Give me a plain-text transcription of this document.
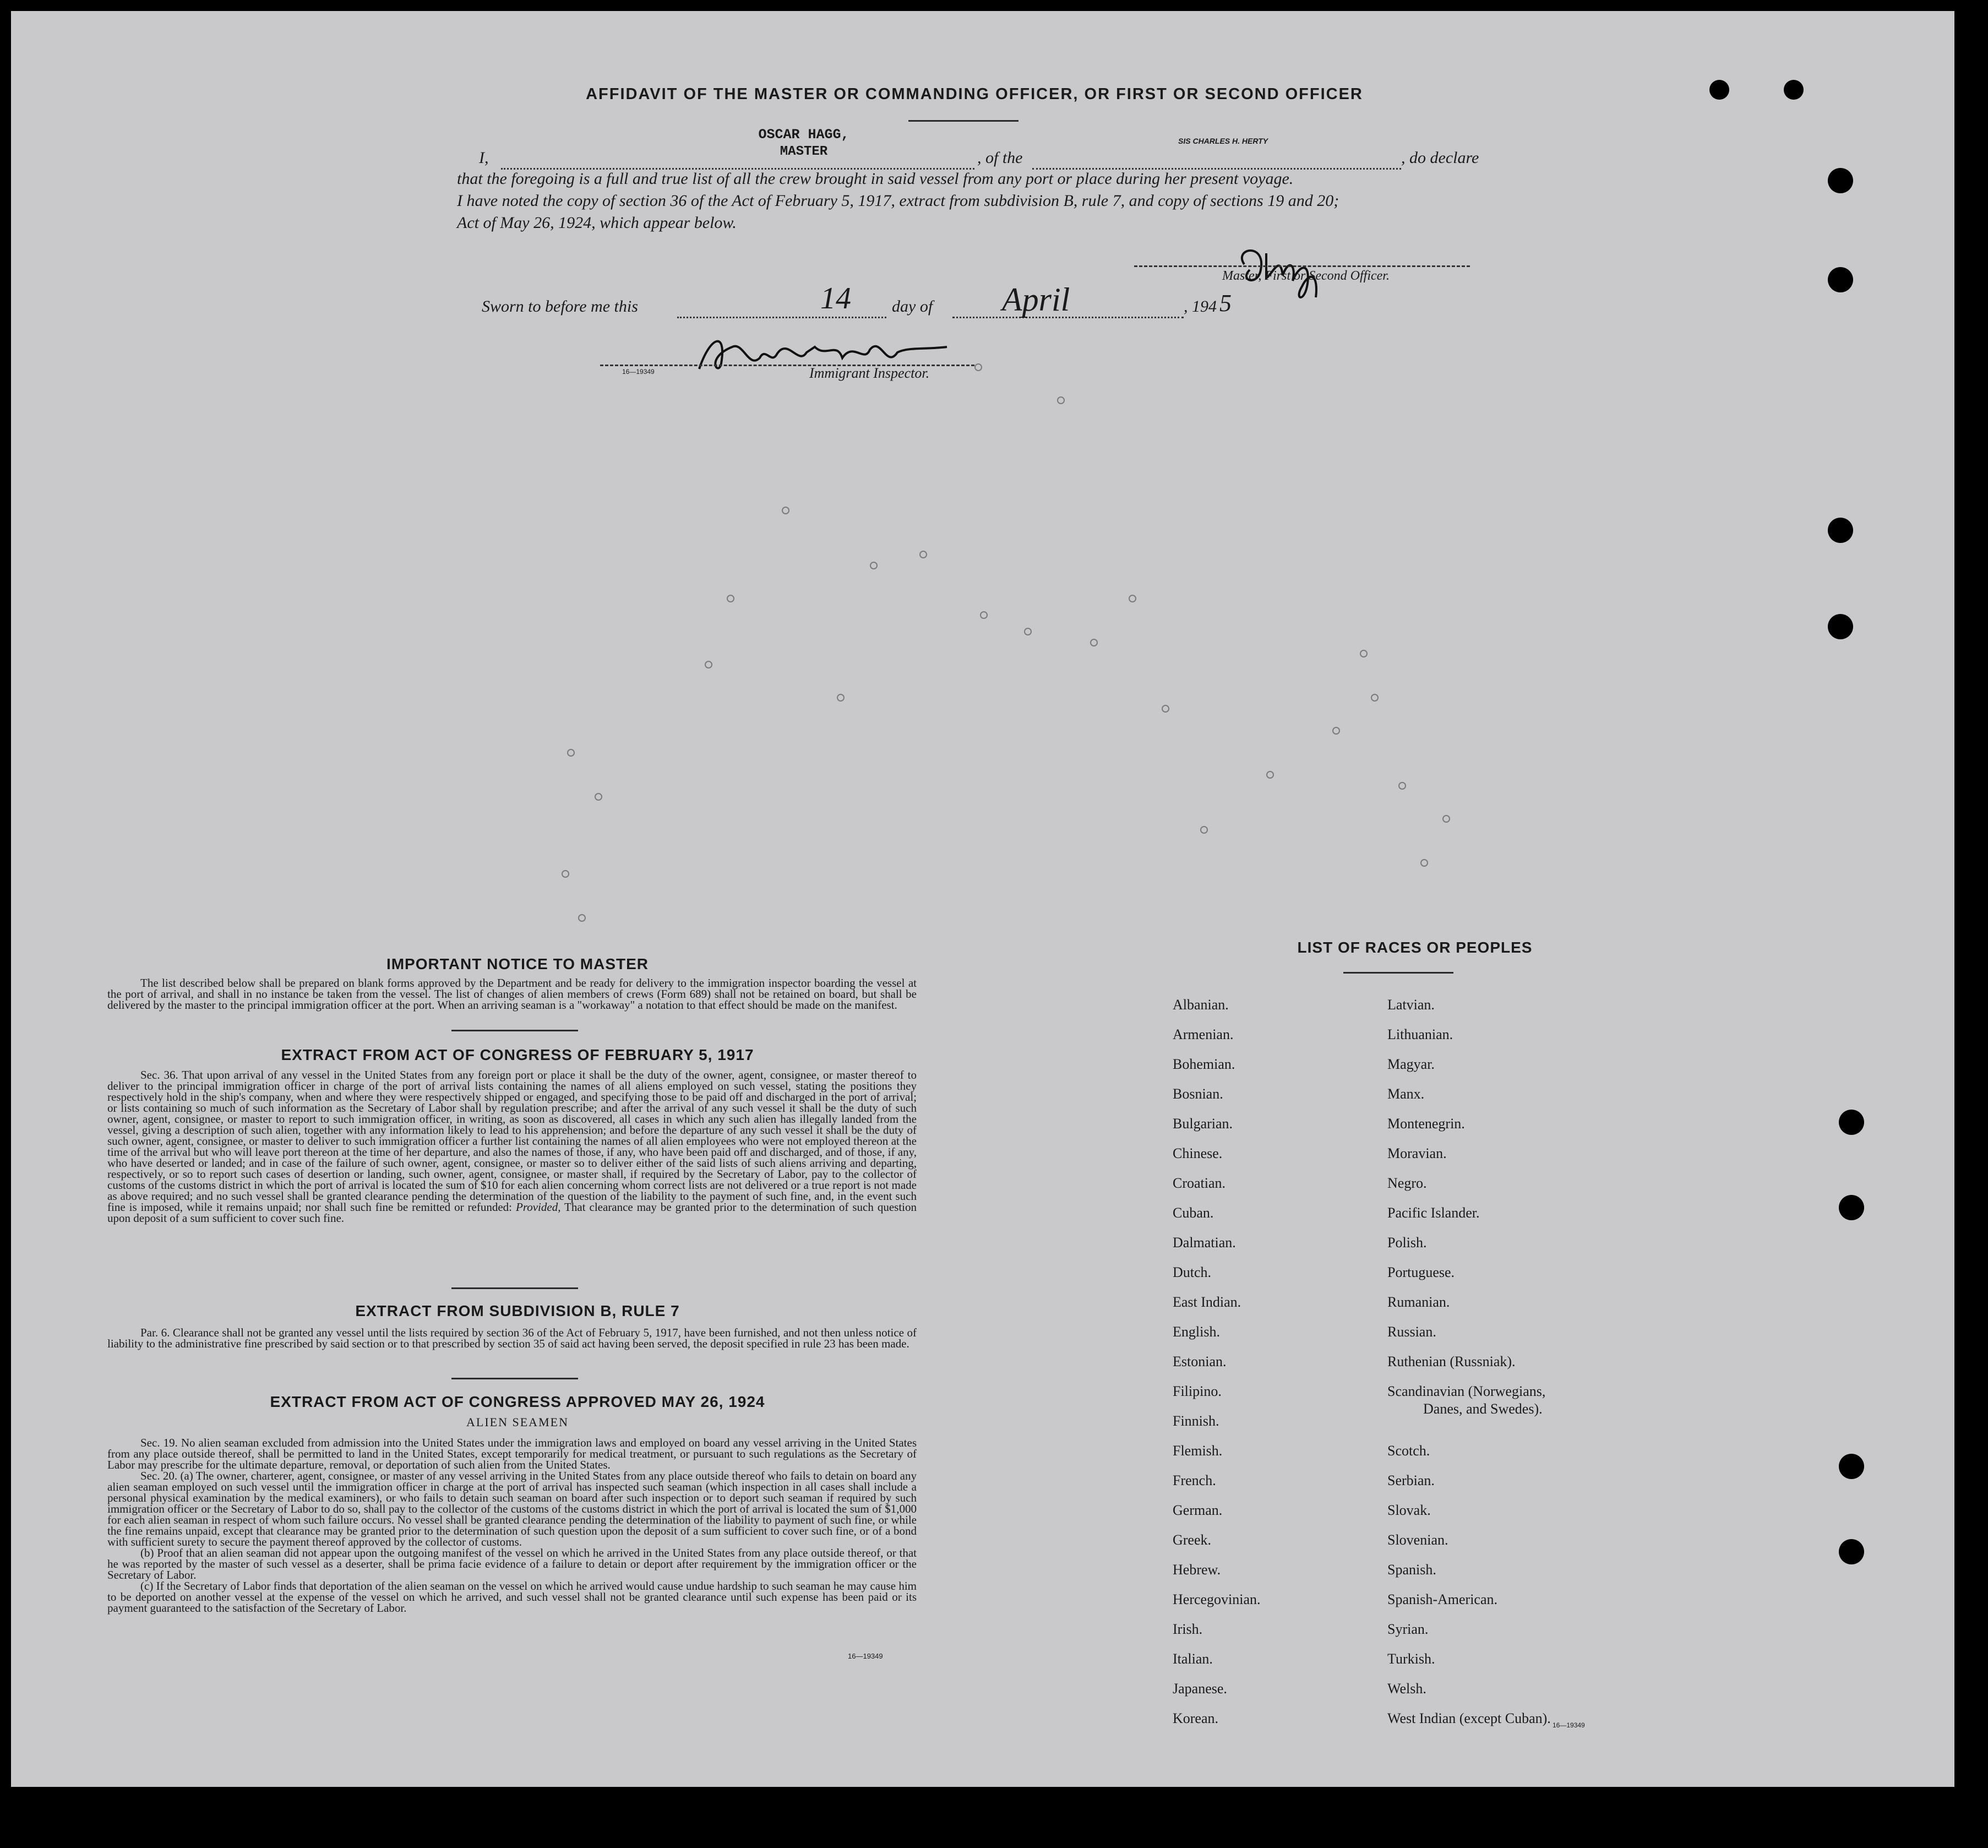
AFFIDAVIT OF THE MASTER OR COMMANDING OFFICER, OR FIRST OR SECOND OFFICER
OSCAR HAGG,
MASTER
SIS CHARLES H. HERTY
I,	, of the	, do declare
that the foregoing is a full and true list of all the crew brought in said vessel from any port or place during her present voyage.
I have noted the copy of section 36 of the Act of February 5, 1917, extract from subdivision B, rule 7, and copy of sections 19 and 20;
Act of May 26, 1924, which appear below.
Master, First or Second Officer.
Sworn to before me this	14 day of April	, 194 5
16—19349	Immigrant Inspector.
IMPORTANT NOTICE TO MASTER
The list described below shall be prepared on blank forms approved by the Department and be ready for delivery to the immigration inspector boarding the vessel at the port of arrival, and shall in no instance be taken from the vessel. The list of changes of alien members of crews (Form 689) shall not be retained on board, but shall be delivered by the master to the principal immigration officer at the port. When an arriving seaman is a "workaway" a notation to that effect should be made on the manifest.
EXTRACT FROM ACT OF CONGRESS OF FEBRUARY 5, 1917
Sec. 36. That upon arrival of any vessel in the United States from any foreign port or place it shall be the duty of the owner, agent, consignee, or master thereof to deliver to the principal immigration officer in charge of the port of arrival lists containing the names of all aliens employed on such vessel, stating the positions they respectively hold in the ship's company, when and where they were respectively shipped or engaged, and specifying those to be paid off and discharged in the port of arrival; or lists containing so much of such information as the Secretary of Labor shall by regulation prescribe; and after the arrival of any such vessel it shall be the duty of such owner, agent, consignee, or master to report to such immigration officer, in writing, as soon as discovered, all cases in which any such alien has illegally landed from the vessel, giving a description of such alien, together with any information likely to lead to his apprehension; and before the departure of any such vessel it shall be the duty of such owner, agent, consignee, or master to deliver to such immigration officer a further list containing the names of all alien employees who were not employed thereon at the time of the arrival but who will leave port thereon at the time of her departure, and also the names of those, if any, who have been paid off and discharged, and of those, if any, who have deserted or landed; and in case of the failure of such owner, agent, consignee, or master so to deliver either of the said lists of such aliens arriving and departing, respectively, or so to report such cases of desertion or landing, such owner, agent, consignee, or master shall, if required by the Secretary of Labor, pay to the collector of customs of the customs district in which the port of arrival is located the sum of $10 for each alien concerning whom correct lists are not delivered or a true report is not made as above required; and no such vessel shall be granted clearance pending the determination of the question of the liability to the payment of such fine, and, in the event such fine is imposed, while it remains unpaid; nor shall such fine be remitted or refunded: Provided, That clearance may be granted prior to the determination of such question upon deposit of a sum sufficient to cover such fine.
EXTRACT FROM SUBDIVISION B, RULE 7
Par. 6. Clearance shall not be granted any vessel until the lists required by section 36 of the Act of February 5, 1917, have been furnished, and not then unless notice of liability to the administrative fine prescribed by said section or to that prescribed by section 35 of said act having been served, the deposit specified in rule 23 has been made.
EXTRACT FROM ACT OF CONGRESS APPROVED MAY 26, 1924
ALIEN SEAMEN
Sec. 19. No alien seaman excluded from admission into the United States under the immigration laws and employed on board any vessel arriving in the United States from any place outside thereof, shall be permitted to land in the United States, except temporarily for medical treatment, or pursuant to such regulations as the Secretary of Labor may prescribe for the ultimate departure, removal, or deportation of such alien from the United States.
Sec. 20. (a) The owner, charterer, agent, consignee, or master of any vessel arriving in the United States from any place outside thereof who fails to detain on board any alien seaman employed on such vessel until the immigration officer in charge at the port of arrival has inspected such seaman (which inspection in all cases shall include a personal physical examination by the medical examiners), or who fails to detain such seaman on board after such inspection or to deport such seaman if required by such immigration officer or the Secretary of Labor to do so, shall pay to the collector of the customs of the customs district in which the port of arrival is located the sum of $1,000 for each alien seaman in respect of whom such failure occurs. No vessel shall be granted clearance pending the determination of the liability to payment of such fine, or while the fine remains unpaid, except that clearance may be granted prior to the determination of such question upon the deposit of a sum sufficient to cover such fine, or of a bond with sufficient surety to secure the payment thereof approved by the collector of customs.
(b) Proof that an alien seaman did not appear upon the outgoing manifest of the vessel on which he arrived in the United States from any place outside thereof, or that he was reported by the master of such vessel as a deserter, shall be prima facie evidence of a failure to detain or deport after requirement by the immigration officer or the Secretary of Labor.
(c) If the Secretary of Labor finds that deportation of the alien seaman on the vessel on which he arrived would cause undue hardship to such seaman he may cause him to be deported on another vessel at the expense of the vessel on which he arrived, and such vessel shall not be granted clearance until such expense has been paid or its payment guaranteed to the satisfaction of the Secretary of Labor.
16—19349
LIST OF RACES OR PEOPLES
Albanian.
Armenian.
Bohemian.
Bosnian.
Bulgarian.
Chinese.
Croatian.
Cuban.
Dalmatian.
Dutch.
East Indian.
English.
Estonian.
Filipino.
Finnish.
Flemish.
French.
German.
Greek.
Hebrew.
Hercegovinian.
Irish.
Italian.
Japanese.
Korean.
Latvian.
Lithuanian.
Magyar.
Manx.
Montenegrin.
Moravian.
Negro.
Pacific Islander.
Polish.
Portuguese.
Rumanian.
Russian.
Ruthenian (Russniak).
Scandinavian (Norwegians,
Danes, and Swedes).
Scotch.
Serbian.
Slovak.
Slovenian.
Spanish.
Spanish-American.
Syrian.
Turkish.
Welsh.
West Indian (except Cuban). 16—19349
